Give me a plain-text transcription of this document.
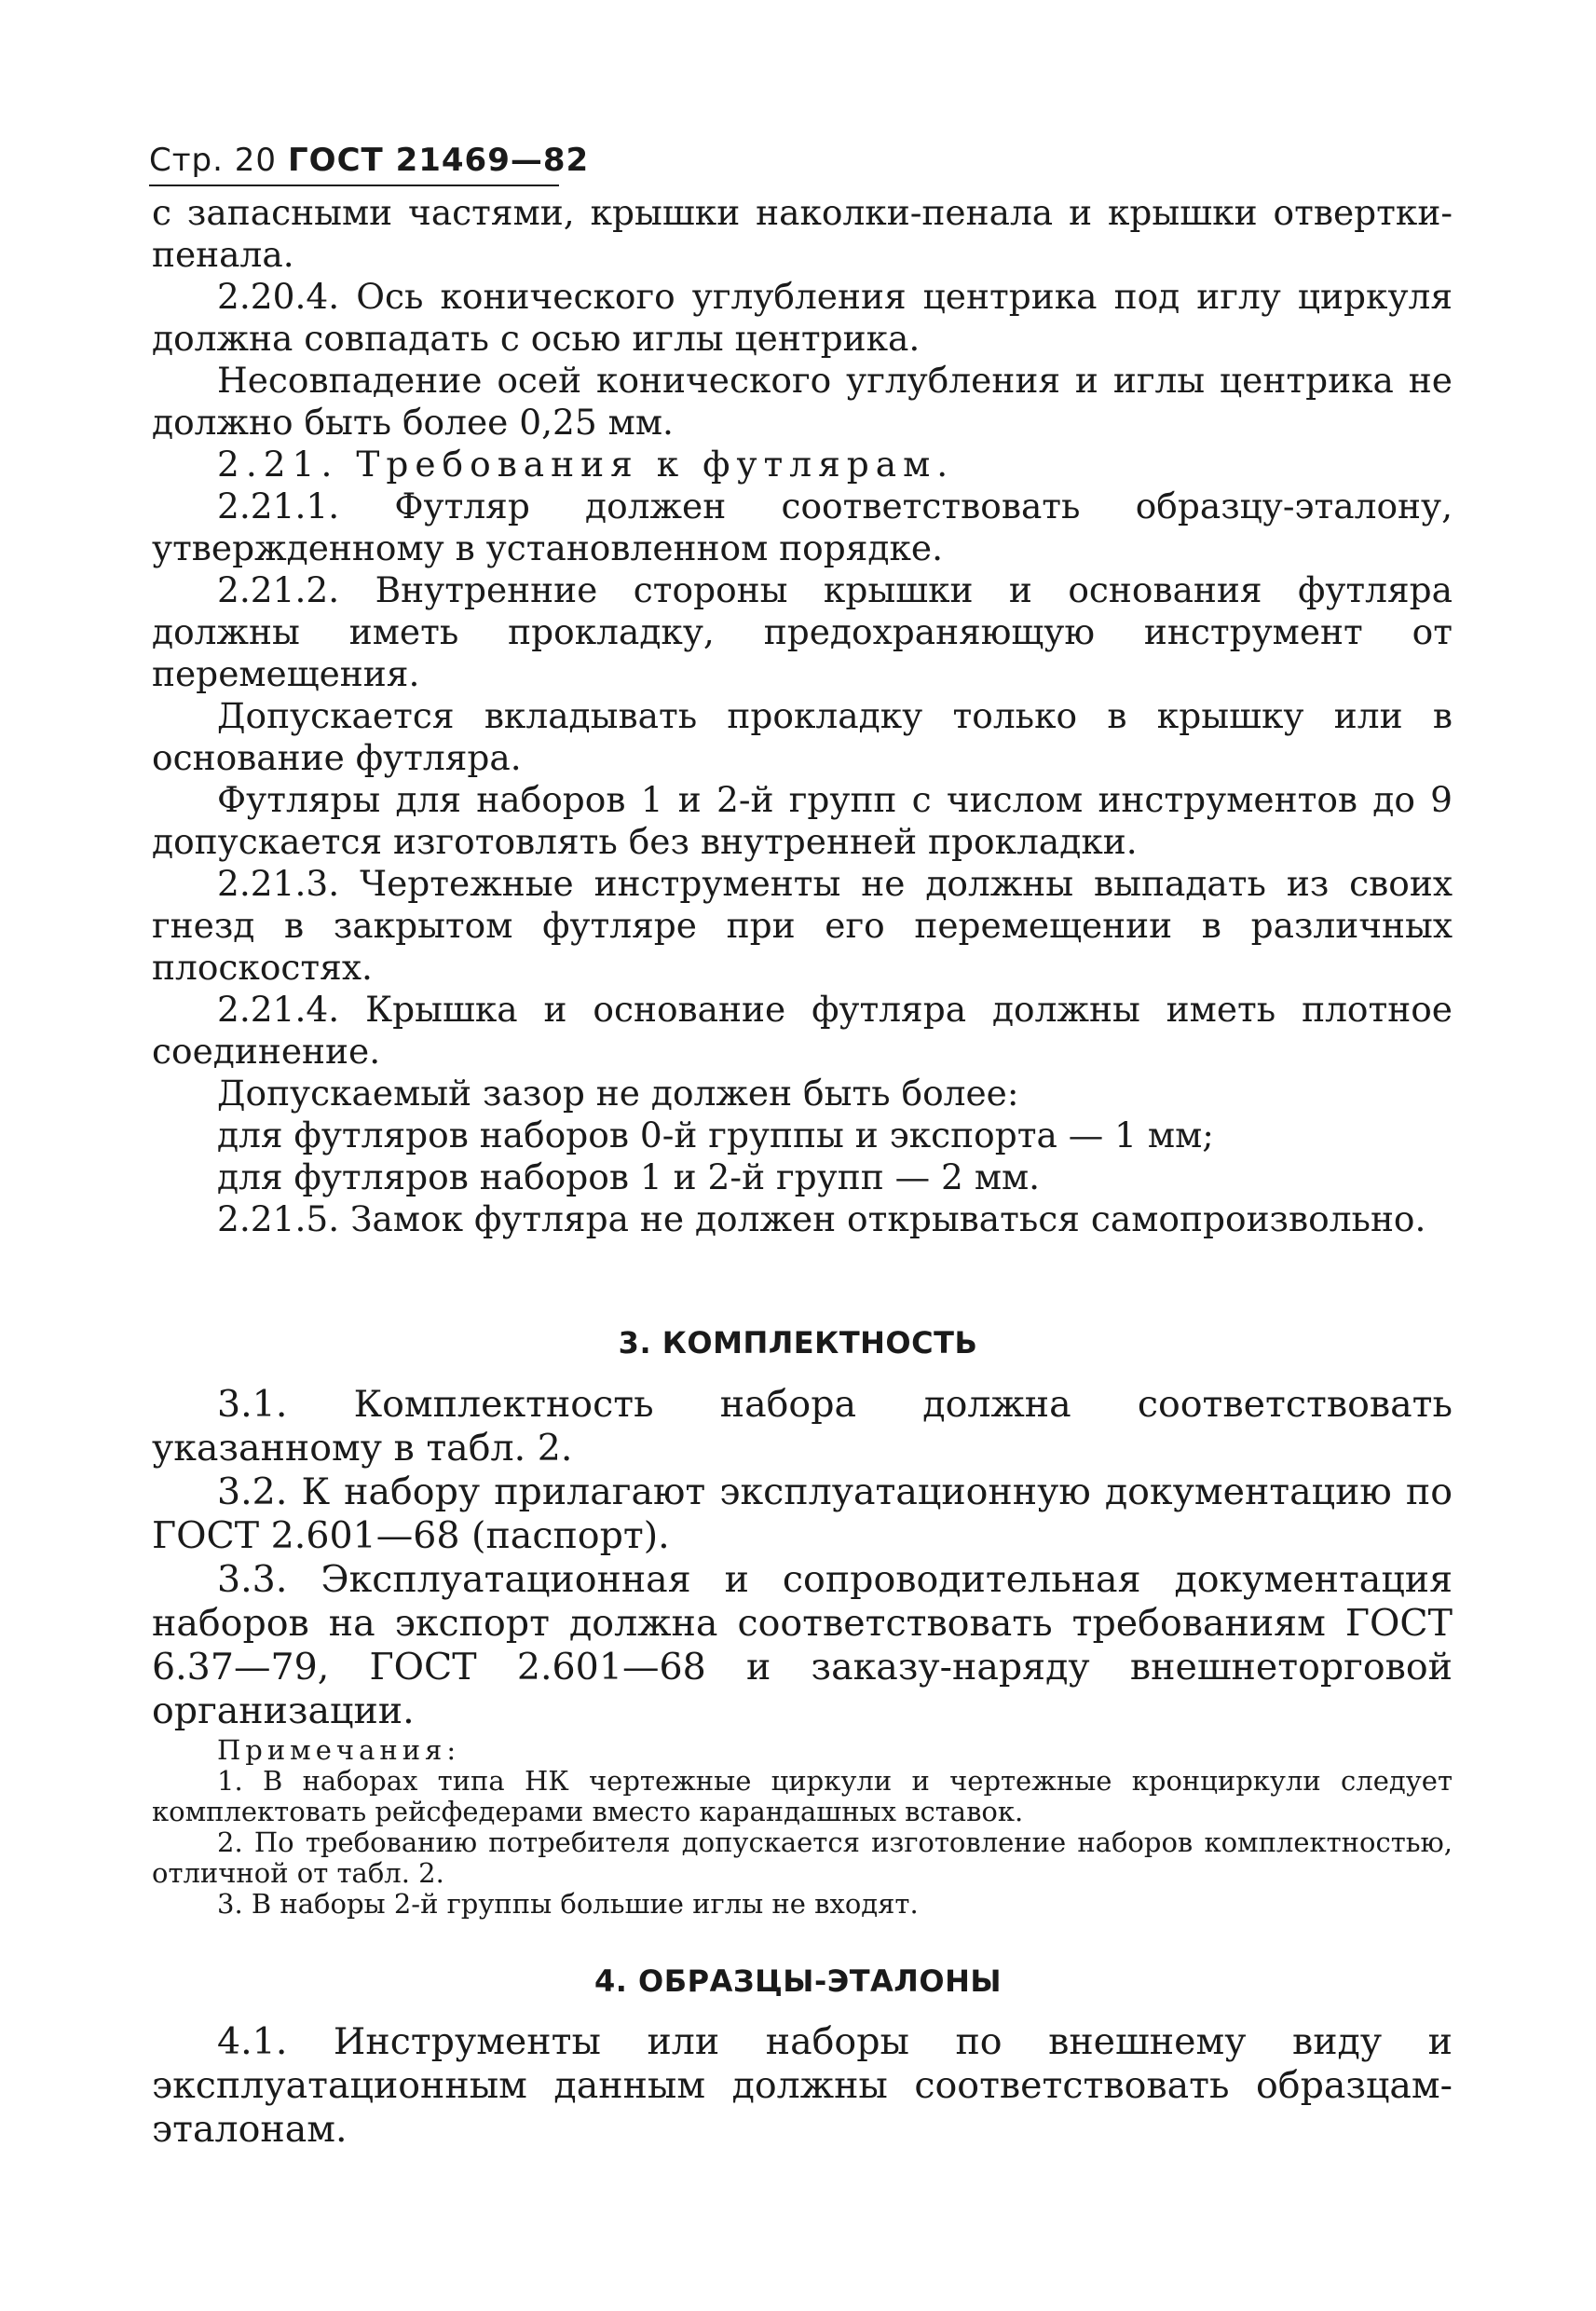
Стр. 20 ГОСТ 21469—82

с запасными частями, крышки наколки-пенала и крышки отвертки-пенала.

2.20.4. Ось конического углубления центрика под иглу циркуля должна совпадать с осью иглы центрика.

Несовпадение осей конического углубления и иглы центрика не должно быть более 0,25 мм.

2.21. Требования к футлярам.

2.21.1. Футляр должен соответствовать образцу-эталону, утвержденному в установленном порядке.

2.21.2. Внутренние стороны крышки и основания футляра должны иметь прокладку, предохраняющую инструмент от перемещения.

Допускается вкладывать прокладку только в крышку или в основание футляра.

Футляры для наборов 1 и 2-й групп с числом инструментов до 9 допускается изготовлять без внутренней прокладки.

2.21.3. Чертежные инструменты не должны выпадать из своих гнезд в закрытом футляре при его перемещении в различных плоскостях.

2.21.4. Крышка и основание футляра должны иметь плотное соединение.

Допускаемый зазор не должен быть более:

для футляров наборов 0-й группы и экспорта — 1 мм;

для футляров наборов 1 и 2-й групп — 2 мм.

2.21.5. Замок футляра не должен открываться самопроизвольно.

3. КОМПЛЕКТНОСТЬ

3.1. Комплектность набора должна соответствовать указанному в табл. 2.

3.2. К набору прилагают эксплуатационную документацию по ГОСТ 2.601—68 (паспорт).

3.3. Эксплуатационная и сопроводительная документация наборов на экспорт должна соответствовать требованиям ГОСТ 6.37—79, ГОСТ 2.601—68 и заказу-наряду внешнеторговой организации.

Примечания:

1. В наборах типа НК чертежные циркули и чертежные кронциркули следует комплектовать рейсфедерами вместо карандашных вставок.

2. По требованию потребителя допускается изготовление наборов комплектностью, отличной от табл. 2.

3. В наборы 2-й группы большие иглы не входят.

4. ОБРАЗЦЫ-ЭТАЛОНЫ

4.1. Инструменты или наборы по внешнему виду и эксплуатационным данным должны соответствовать образцам-эталонам.
